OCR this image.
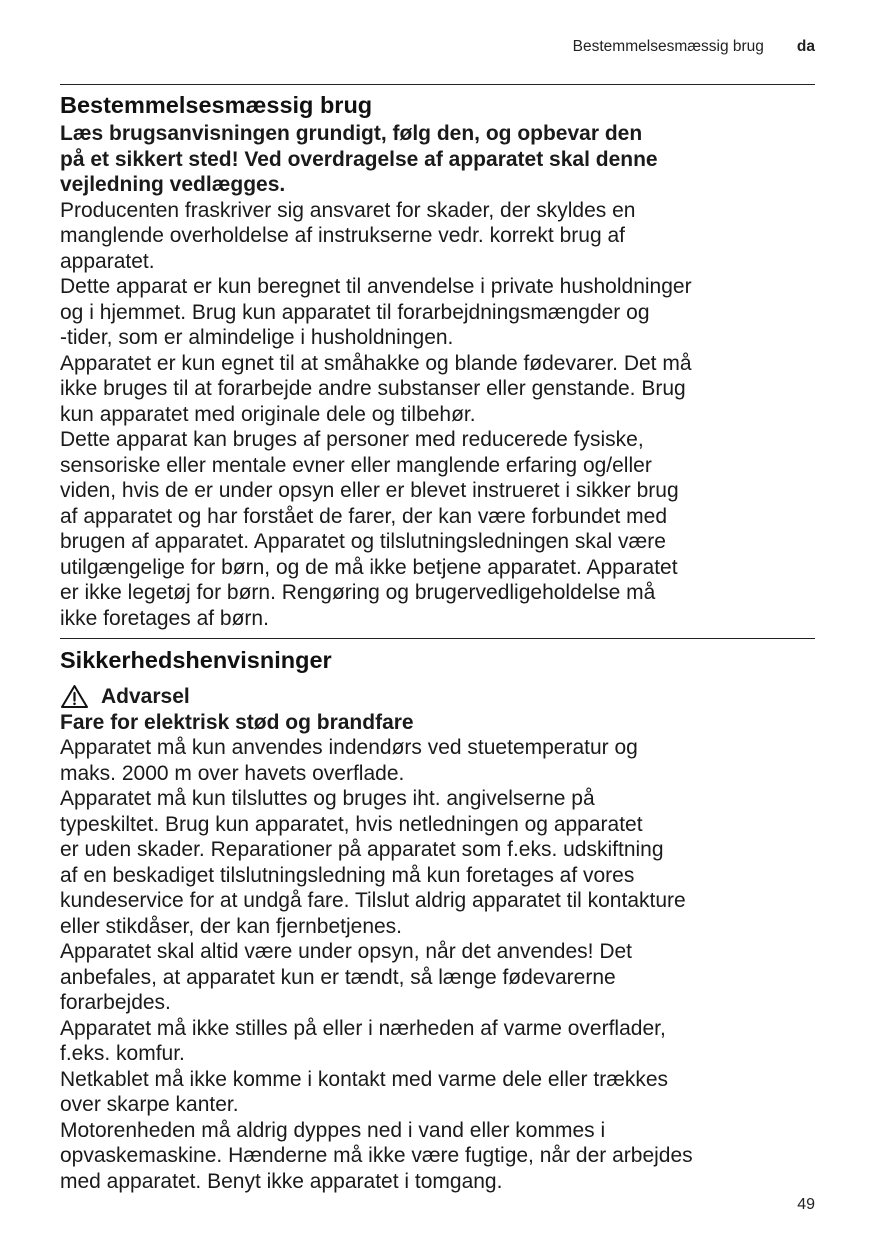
Bestemmelsesmæssig brug da
Bestemmelsesmæssig brug

Læs brugsanvisningen grundigt, følg den, og opbevar den

på et sikkert sted! Ved overdragelse af apparatet skal denne

vejledning vedlægges.

Producenten fraskriver sig ansvaret for skader, der skyldes en

manglende overholdelse af instrukserne vedr. korrekt brug af

apparatet.

Dette apparat er kun beregnet til anvendelse i private husholdninger

og i hjemmet. Brug kun apparatet til forarbejdningsmængder og

-tider, som er almindelige i husholdningen.

Apparatet er kun egnet til at småhakke og blande fødevarer. Det må

ikke bruges til at forarbejde andre substanser eller genstande. Brug

kun apparatet med originale dele og tilbehør.

Dette apparat kan bruges af personer med reducerede fysiske,

sensoriske eller mentale evner eller manglende erfaring og/eller

viden, hvis de er under opsyn eller er blevet instrueret i sikker brug

af apparatet og har forstået de farer, der kan være forbundet med

brugen af apparatet. Apparatet og tilslutningsledningen skal være

utilgængelige for børn, og de må ikke betjene apparatet. Apparatet

er ikke legetøj for børn. Rengøring og brugervedligeholdelse må

ikke foretages af børn.

Sikkerhedshenvisninger
Advarsel

Fare for elektrisk stød og brandfare

Apparatet må kun anvendes indendørs ved stuetemperatur og

maks. 2000 m over havets overflade.

Apparatet må kun tilsluttes og bruges iht. angivelserne på

typeskiltet. Brug kun apparatet, hvis netledningen og apparatet

er uden skader. Reparationer på apparatet som f.eks. udskiftning

af en beskadiget tilslutningsledning må kun foretages af vores

kundeservice for at undgå fare. Tilslut aldrig apparatet til kontakture

eller stikdåser, der kan fjernbetjenes.

Apparatet skal altid være under opsyn, når det anvendes! Det

anbefales, at apparatet kun er tændt, så længe fødevarerne

forarbejdes.

Apparatet må ikke stilles på eller i nærheden af varme overflader,

f.eks. komfur.

Netkablet må ikke komme i kontakt med varme dele eller trækkes

over skarpe kanter.

Motorenheden må aldrig dyppes ned i vand eller kommes i

opvaskemaskine. Hænderne må ikke være fugtige, når der arbejdes

med apparatet. Benyt ikke apparatet i tomgang.

49
